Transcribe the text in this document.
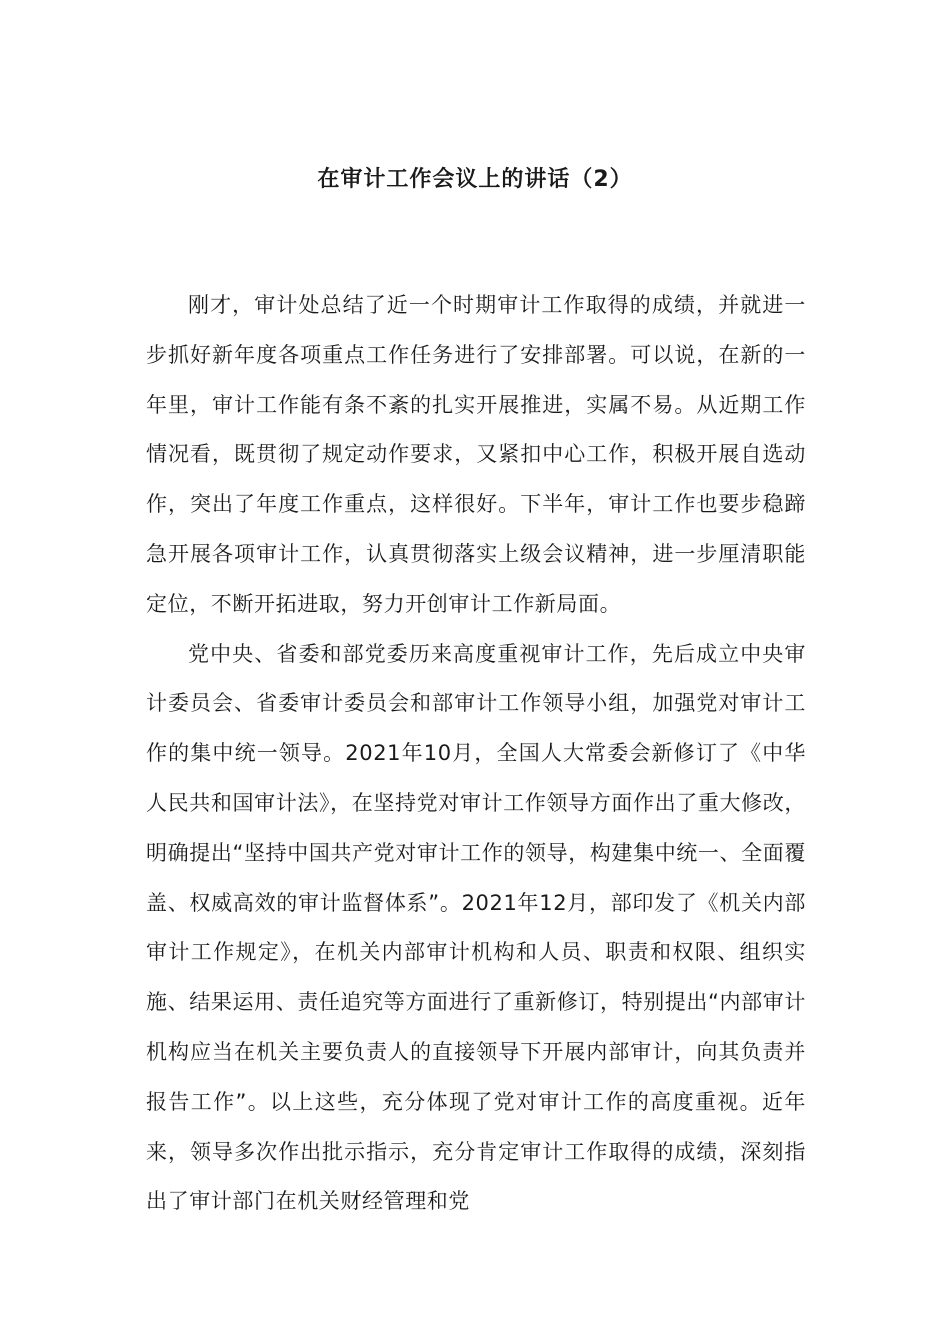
在审计工作会议上的讲话（2）

刚才，审计处总结了近一个时期审计工作取得的成绩，并就进一步抓好新年度各项重点工作任务进行了安排部署。可以说，在新的一年里，审计工作能有条不紊的扎实开展推进，实属不易。从近期工作情况看，既贯彻了规定动作要求，又紧扣中心工作，积极开展自选动作，突出了年度工作重点，这样很好。下半年，审计工作也要步稳蹄急开展各项审计工作，认真贯彻落实上级会议精神，进一步厘清职能定位，不断开拓进取，努力开创审计工作新局面。

党中央、省委和部党委历来高度重视审计工作，先后成立中央审计委员会、省委审计委员会和部审计工作领导小组，加强党对审计工作的集中统一领导。2021年10月，全国人大常委会新修订了《中华人民共和国审计法》，在坚持党对审计工作领导方面作出了重大修改，明确提出“坚持中国共产党对审计工作的领导，构建集中统一、全面覆盖、权威高效的审计监督体系”。2021年12月，部印发了《机关内部审计工作规定》，在机关内部审计机构和人员、职责和权限、组织实施、结果运用、责任追究等方面进行了重新修订，特别提出“内部审计机构应当在机关主要负责人的直接领导下开展内部审计，向其负责并报告工作”。以上这些，充分体现了党对审计工作的高度重视。近年来，领导多次作出批示指示，充分肯定审计工作取得的成绩，深刻指出了审计部门在机关财经管理和党
